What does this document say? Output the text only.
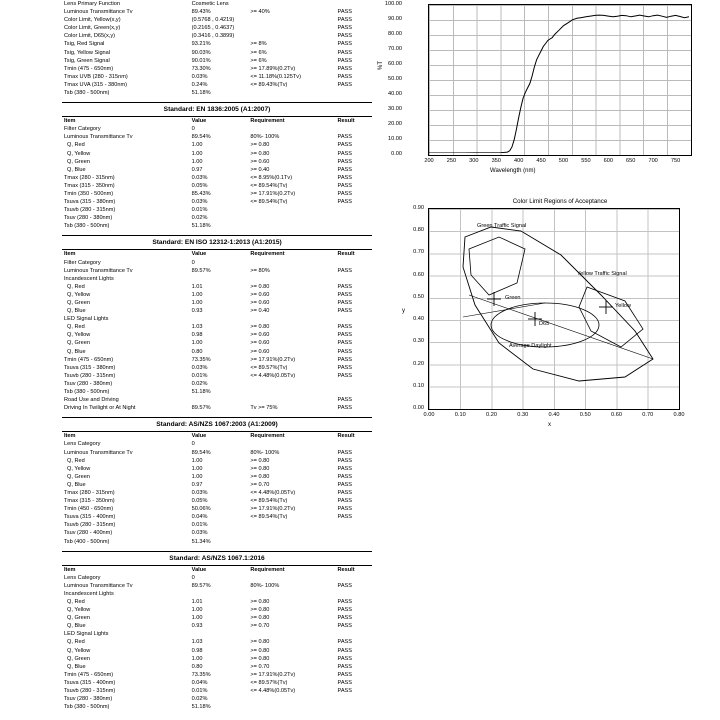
Lens Primary Function	Cosmetic Lens		
Luminous Transmittance Tv	89.43%	>= 40%	PASS
Color Limit, Yellow(x,y)	(0.5768 , 0.4219)		PASS
Color Limit, Green(x,y)	(0.2165 , 0.4637)		PASS
Color Limit, D65(x,y)	(0.3416 , 0.3899)		PASS
Tsig, Red Signal	93.21%	>= 8%	PASS
Tsig, Yellow Signal	90.03%	>= 6%	PASS
Tsig, Green Signal	90.01%	>= 6%	PASS
Tmin (475 - 650nm)	73.30%	>= 17.89%(0.2Tv)	PASS
Tmax UVB (280 - 315nm)	0.03%	<= 11.18%(0.125Tv)	PASS
Tmax UVA (315 - 380nm)	0.24%	<= 89.43%(Tv)	PASS
Tsb (380 - 500nm)	51.18%		
Standard: EN 1836:2005 (A1:2007)
Item	Value	Requirement	Result
Filter Category	0		
Luminous Transmittance Tv	89.54%	80%- 100%	PASS
Q, Red	1.00	>= 0.80	PASS
Q, Yellow	1.00	>= 0.80	PASS
Q, Green	1.00	>= 0.60	PASS
Q, Blue	0.97	>= 0.40	PASS
Tmax (280 - 315nm)	0.03%	<= 8.95%(0.1Tv)	PASS
Tmax (315 - 350nm)	0.05%	<= 89.54%(Tv)	PASS
Tmin (350 - 500nm)	85.43%	>= 17.91%(0.2Tv)	PASS
Tsuva (315 - 380nm)	0.03%	<= 89.54%(Tv)	PASS
Tsuvb (280 - 315nm)	0.01%		
Tsuv (280 - 380nm)	0.02%		
Tsb (380 - 500nm)	51.18%		
Standard: EN ISO 12312-1:2013 (A1:2015)
Item	Value	Requirement	Result
Filter Category	0		
Luminous Transmittance Tv	89.57%	>= 80%	PASS
Incandescent Lights			
Q, Red	1.01	>= 0.80	PASS
Q, Yellow	1.00	>= 0.60	PASS
Q, Green	1.00	>= 0.60	PASS
Q, Blue	0.93	>= 0.40	PASS
LED Signal Lights			
Q, Red	1.03	>= 0.80	PASS
Q, Yellow	0.98	>= 0.60	PASS
Q, Green	1.00	>= 0.60	PASS
Q, Blue	0.80	>= 0.60	PASS
Tmin (475 - 650nm)	73.35%	>= 17.91%(0.2Tv)	PASS
Tsuva (315 - 380nm)	0.03%	<= 89.57%(Tv)	PASS
Tsuvb (280 - 315nm)	0.01%	<= 4.48%(0.05Tv)	PASS
Tsuv (280 - 380nm)	0.02%		
Tsb (380 - 500nm)	51.18%		
Road Use and Driving			PASS
Driving In Twilight or At Night	89.57%	Tv >= 75%	PASS
Standard: AS/NZS 1067:2003 (A1:2009)
Item	Value	Requirement	Result
Lens Category	0		
Luminous Transmittance Tv	89.54%	80%- 100%	PASS
Q, Red	1.00	>= 0.80	PASS
Q, Yellow	1.00	>= 0.80	PASS
Q, Green	1.00	>= 0.80	PASS
Q, Blue	0.97	>= 0.70	PASS
Tmax (280 - 315nm)	0.03%	<= 4.48%(0.05Tv)	PASS
Tmax (315 - 350nm)	0.05%	<= 89.54%(Tv)	PASS
Tmin (450 - 650nm)	50.06%	>= 17.91%(0.2Tv)	PASS
Tsuva (315 - 400nm)	0.04%	<= 89.54%(Tv)	PASS
Tsuvb (280 - 315nm)	0.01%		
Tsuv (280 - 400nm)	0.03%		
Tsb (400 - 500nm)	51.34%		
Standard: AS/NZS 1067.1:2016
Item	Value	Requirement	Result
Lens Category	0		
Luminous Transmittance Tv	89.57%	80%- 100%	PASS
Incandescent Lights			
Q, Red	1.01	>= 0.80	PASS
Q, Yellow	1.00	>= 0.80	PASS
Q, Green	1.00	>= 0.80	PASS
Q, Blue	0.93	>= 0.70	PASS
LED Signal Lights			
Q, Red	1.03	>= 0.80	PASS
Q, Yellow	0.98	>= 0.80	PASS
Q, Green	1.00	>= 0.80	PASS
Q, Blue	0.80	>= 0.70	PASS
Tmin (475 - 650nm)	73.35%	>= 17.91%(0.2Tv)	PASS
Tsuva (315 - 400nm)	0.04%	<= 89.57%(Tv)	PASS
Tsuvb (280 - 315nm)	0.01%	<= 4.48%(0.05Tv)	PASS
Tsuv (280 - 380nm)	0.02%		
Tsb (380 - 500nm)	51.18%		
%T
Wavelength (nm)
0.00
10.00
20.00
30.00
40.00
50.00
60.00
70.00
80.00
90.00
100.00
200	250	300	350	400	450	500	550	600	650	700	750
Color Limit Regions of Acceptance
Green Traffic Signal
Yellow Traffic Signal
Average Daylight
Green
D65
Yellow
y
x
0.00
0.10
0.20
0.30
0.40
0.50
0.60
0.70
0.80
0.90
0.00	0.10	0.20	0.30	0.40	0.50	0.60	0.70	0.80
